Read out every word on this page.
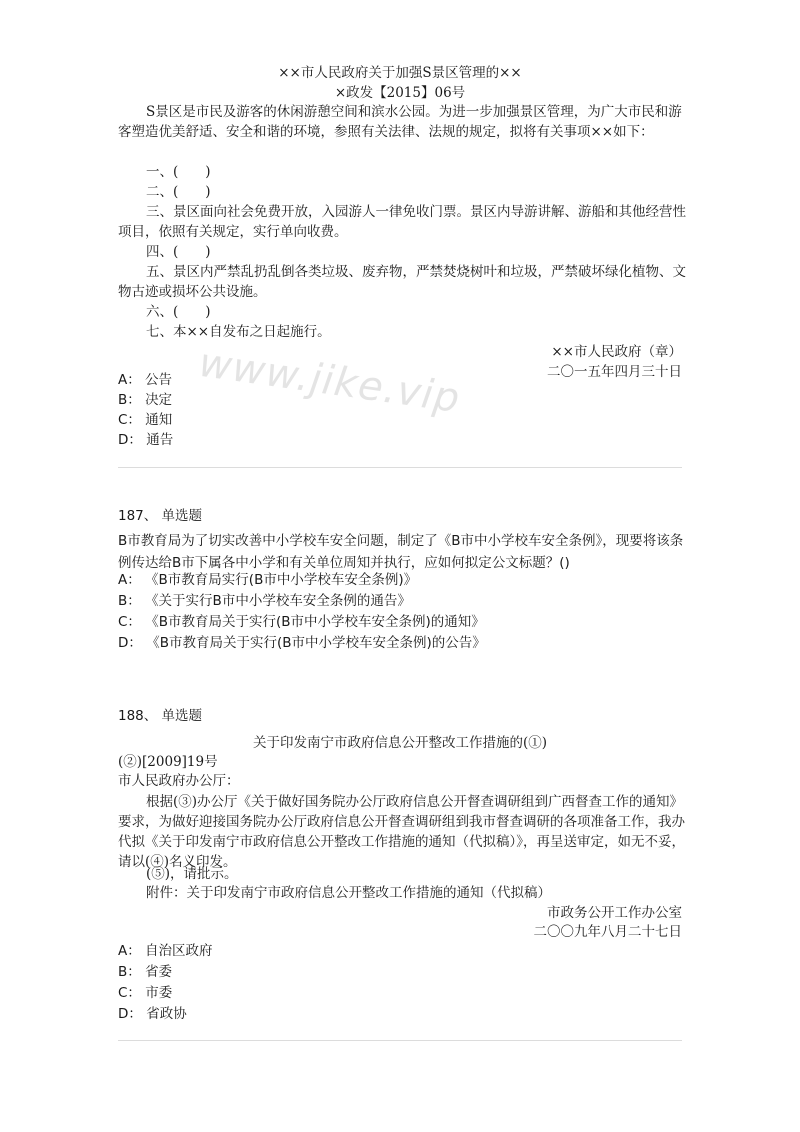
××市人民政府关于加强S景区管理的××
×政发【2015】06号
S景区是市民及游客的休闲游憩空间和滨水公园。为进一步加强景区管理，为广大市民和游客塑造优美舒适、安全和谐的环境，参照有关法律、法规的规定，拟将有关事项××如下：
一、(　　)
二、(　　)
三、景区面向社会免费开放，入园游人一律免收门票。景区内导游讲解、游船和其他经营性项目，依照有关规定，实行单向收费。
四、(　　)
五、景区内严禁乱扔乱倒各类垃圾、废弃物，严禁焚烧树叶和垃圾，严禁破坏绿化植物、文物古迹或损坏公共设施。
六、(　　)
七、本××自发布之日起施行。
××市人民政府（章）
二〇一五年四月三十日
www.jike.vip
A： 公告
B： 决定
C： 通知
D： 通告
187、 单选题
B市教育局为了切实改善中小学校车安全问题，制定了《B市中小学校车安全条例》，现要将该条例传达给B市下属各中小学和有关单位周知并执行，应如何拟定公文标题？()
A： 《B市教育局实行(B市中小学校车安全条例)》
B： 《关于实行B市中小学校车安全条例的通告》
C： 《B市教育局关于实行(B市中小学校车安全条例)的通知》
D： 《B市教育局关于实行(B市中小学校车安全条例)的公告》
188、 单选题
关于印发南宁市政府信息公开整改工作措施的(①)
(②)[2009]19号
市人民政府办公厅：
根据(③)办公厅《关于做好国务院办公厅政府信息公开督查调研组到广西督查工作的通知》要求，为做好迎接国务院办公厅政府信息公开督查调研组到我市督查调研的各项准备工作，我办代拟《关于印发南宁市政府信息公开整改工作措施的通知（代拟稿）》，再呈送审定，如无不妥，请以(④)名义印发。
(⑤)，请批示。
附件：关于印发南宁市政府信息公开整改工作措施的通知（代拟稿）
市政务公开工作办公室
二〇〇九年八月二十七日
A： 自治区政府
B： 省委
C： 市委
D： 省政协
